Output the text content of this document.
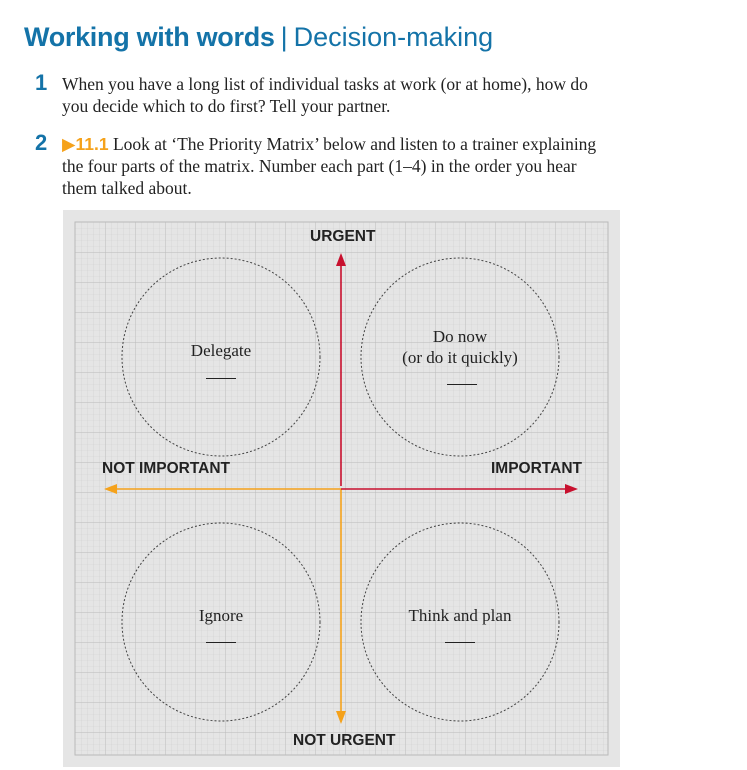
Working with words | Decision-making
1 When you have a long list of individual tasks at work (or at home), how do
you decide which to do first? Tell your partner.
2 ▶11.1 Look at ‘The Priority Matrix’ below and listen to a trainer explaining
the four parts of the matrix. Number each part (1–4) in the order you hear
them talked about.
URGENT
NOT URGENT
NOT IMPORTANT	IMPORTANT
Delegate
Do now
(or do it quickly)
Ignore	Think and plan
